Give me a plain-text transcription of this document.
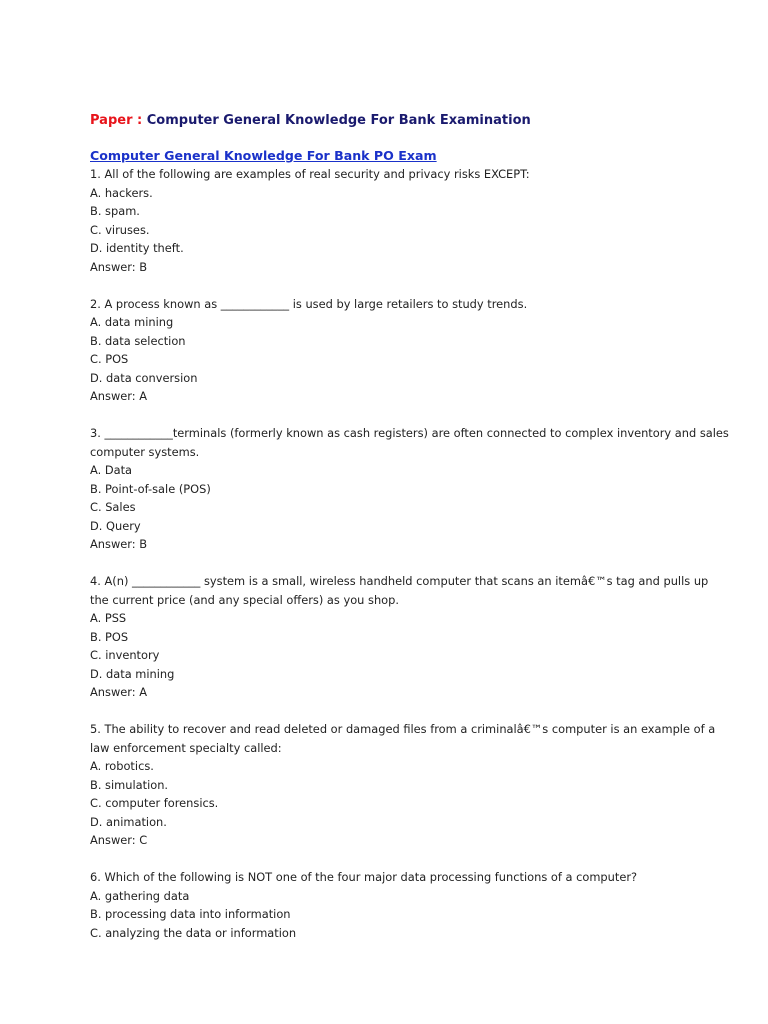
Paper : Computer General Knowledge For Bank Examination
Computer General Knowledge For Bank PO Exam
1. All of the following are examples of real security and privacy risks EXCEPT:
A. hackers.
B. spam.
C. viruses.
D. identity theft.
Answer: B
2. A process known as ____________ is used by large retailers to study trends.
A. data mining
B. data selection
C. POS
D. data conversion
Answer: A
3. ____________terminals (formerly known as cash registers) are often connected to complex inventory and sales computer systems.
A. Data
B. Point-of-sale (POS)
C. Sales
D. Query
Answer: B
4. A(n) ____________ system is a small, wireless handheld computer that scans an itemâ€™s tag and pulls up the current price (and any special offers) as you shop.
A. PSS
B. POS
C. inventory
D. data mining
Answer: A
5. The ability to recover and read deleted or damaged files from a criminalâ€™s computer is an example of a law enforcement specialty called:
A. robotics.
B. simulation.
C. computer forensics.
D. animation.
Answer: C
6. Which of the following is NOT one of the four major data processing functions of a computer?
A. gathering data
B. processing data into information
C. analyzing the data or information
